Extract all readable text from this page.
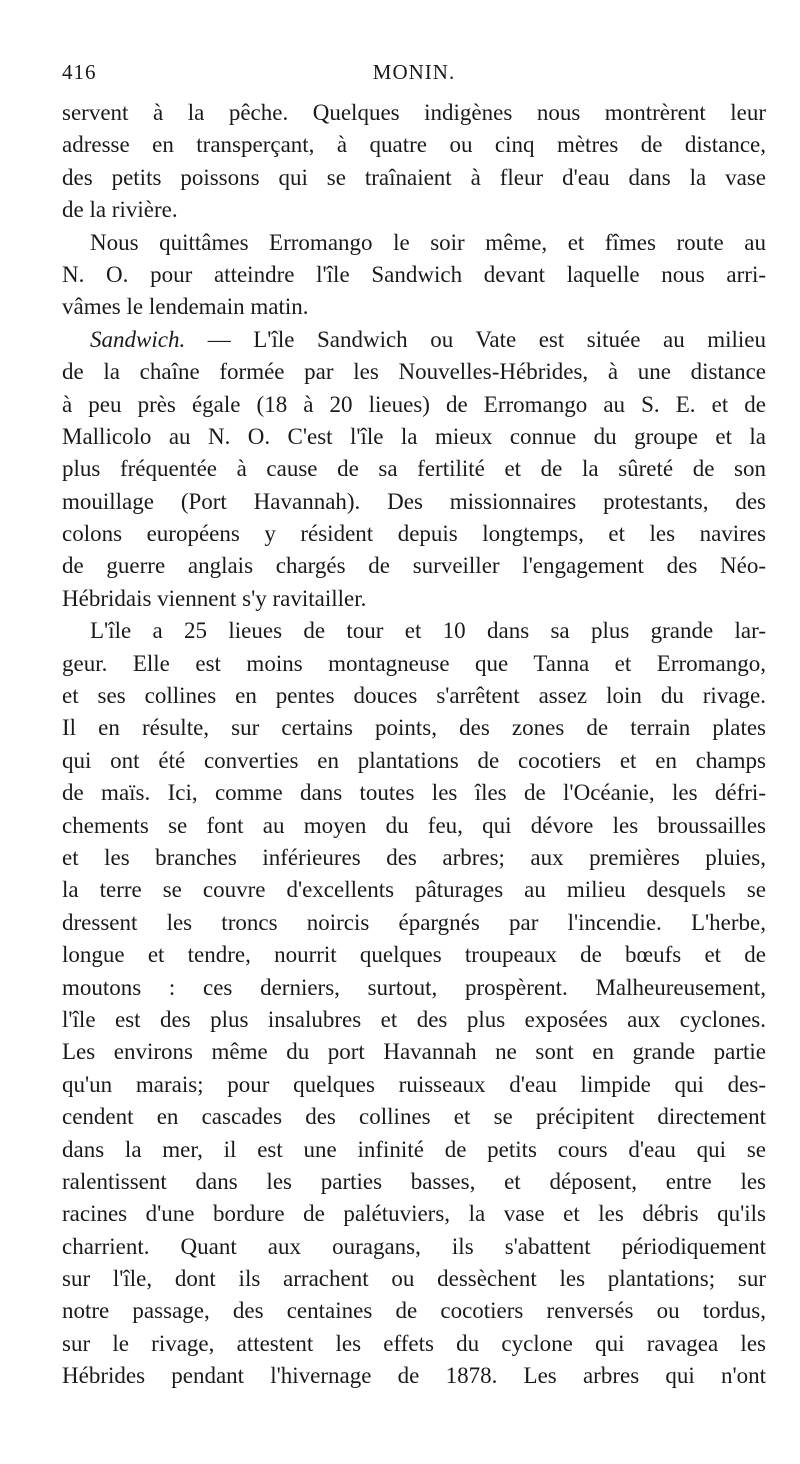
416	MONIN.
servent à la pêche. Quelques indigènes nous montrèrent leur
adresse en transperçant, à quatre ou cinq mètres de distance,
des petits poissons qui se traînaient à fleur d'eau dans la vase
de la rivière.
Nous quittâmes Erromango le soir même, et fîmes route au
N. O. pour atteindre l'île Sandwich devant laquelle nous arri-
vâmes le lendemain matin.
Sandwich. — L'île Sandwich ou Vate est située au milieu
de la chaîne formée par les Nouvelles-Hébrides, à une distance
à peu près égale (18 à 20 lieues) de Erromango au S. E. et de
Mallicolo au N. O. C'est l'île la mieux connue du groupe et la
plus fréquentée à cause de sa fertilité et de la sûreté de son
mouillage (Port Havannah). Des missionnaires protestants, des
colons européens y résident depuis longtemps, et les navires
de guerre anglais chargés de surveiller l'engagement des Néo-
Hébridais viennent s'y ravitailler.
L'île a 25 lieues de tour et 10 dans sa plus grande lar-
geur. Elle est moins montagneuse que Tanna et Erromango,
et ses collines en pentes douces s'arrêtent assez loin du rivage.
Il en résulte, sur certains points, des zones de terrain plates
qui ont été converties en plantations de cocotiers et en champs
de maïs. Ici, comme dans toutes les îles de l'Océanie, les défri-
chements se font au moyen du feu, qui dévore les broussailles
et les branches inférieures des arbres; aux premières pluies,
la terre se couvre d'excellents pâturages au milieu desquels se
dressent les troncs noircis épargnés par l'incendie. L'herbe,
longue et tendre, nourrit quelques troupeaux de bœufs et de
moutons : ces derniers, surtout, prospèrent. Malheureusement,
l'île est des plus insalubres et des plus exposées aux cyclones.
Les environs même du port Havannah ne sont en grande partie
qu'un marais; pour quelques ruisseaux d'eau limpide qui des-
cendent en cascades des collines et se précipitent directement
dans la mer, il est une infinité de petits cours d'eau qui se
ralentissent dans les parties basses, et déposent, entre les
racines d'une bordure de palétuviers, la vase et les débris qu'ils
charrient. Quant aux ouragans, ils s'abattent périodiquement
sur l'île, dont ils arrachent ou dessèchent les plantations; sur
notre passage, des centaines de cocotiers renversés ou tordus,
sur le rivage, attestent les effets du cyclone qui ravagea les
Hébrides pendant l'hivernage de 1878. Les arbres qui n'ont
